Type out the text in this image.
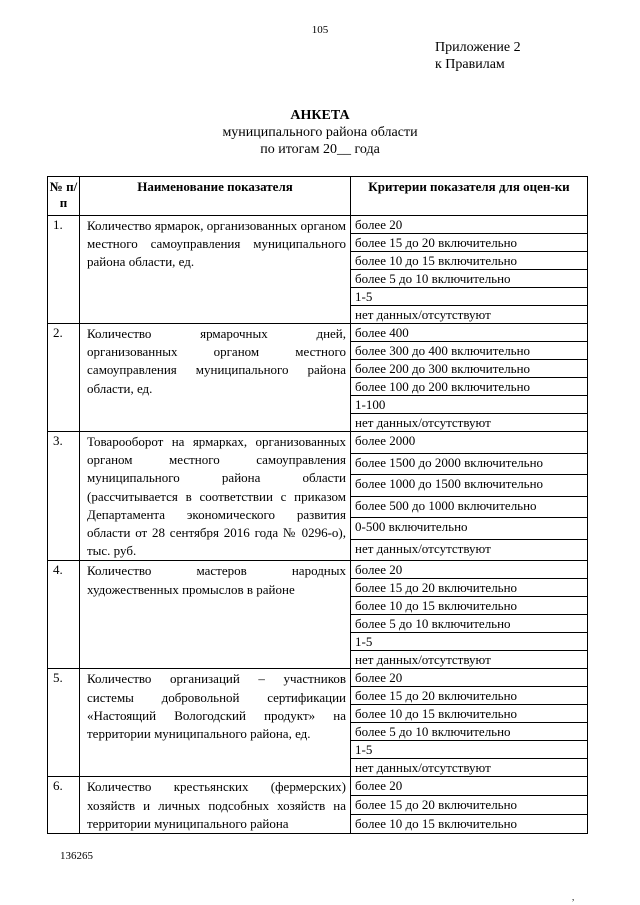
105
Приложение 2
к Правилам
АНКЕТА
муниципального района области
по итогам 20__ года
№ п/п	Наименование показателя	Критерии показателя для оцен-ки
1.	Количество ярмарок, организованных органом местного самоуправления муниципального района области, ед.	более 20
		более 15 до 20 включительно
		более 10 до 15 включительно
		более 5 до 10 включительно
		1-5
		нет данных/отсутствуют
2.	Количество ярмарочных дней, организованных органом местного самоуправления муниципального района области, ед.	более 400
		более 300 до 400 включительно
		более 200 до 300 включительно
		более 100 до 200 включительно
		1-100
		нет данных/отсутствуют
3.	Товарооборот на ярмарках, организованных органом местного самоуправления муниципального района области (рассчитывается в соответствии с приказом Департамента экономического развития области от 28 сентября 2016 года № 0296-о), тыс. руб.	более 2000
		более 1500 до 2000 включительно
		более 1000 до 1500 включительно
		более 500 до 1000 включительно
		0-500 включительно
		нет данных/отсутствуют
4.	Количество мастеров народных художественных промыслов в районе	более 20
		более 15 до 20 включительно
		более 10 до 15 включительно
		более 5 до 10 включительно
		1-5
		нет данных/отсутствуют
5.	Количество организаций – участников системы добровольной сертификации «Настоящий Вологодский продукт» на территории муниципального района, ед.	более 20
		более 15 до 20 включительно
		более 10 до 15 включительно
		более 5 до 10 включительно
		1-5
		нет данных/отсутствуют
6.	Количество крестьянских (фермерских) хозяйств и личных подсобных хозяйств на территории муниципального района	более 20
		более 15 до 20 включительно
		более 10 до 15 включительно
136265
,
